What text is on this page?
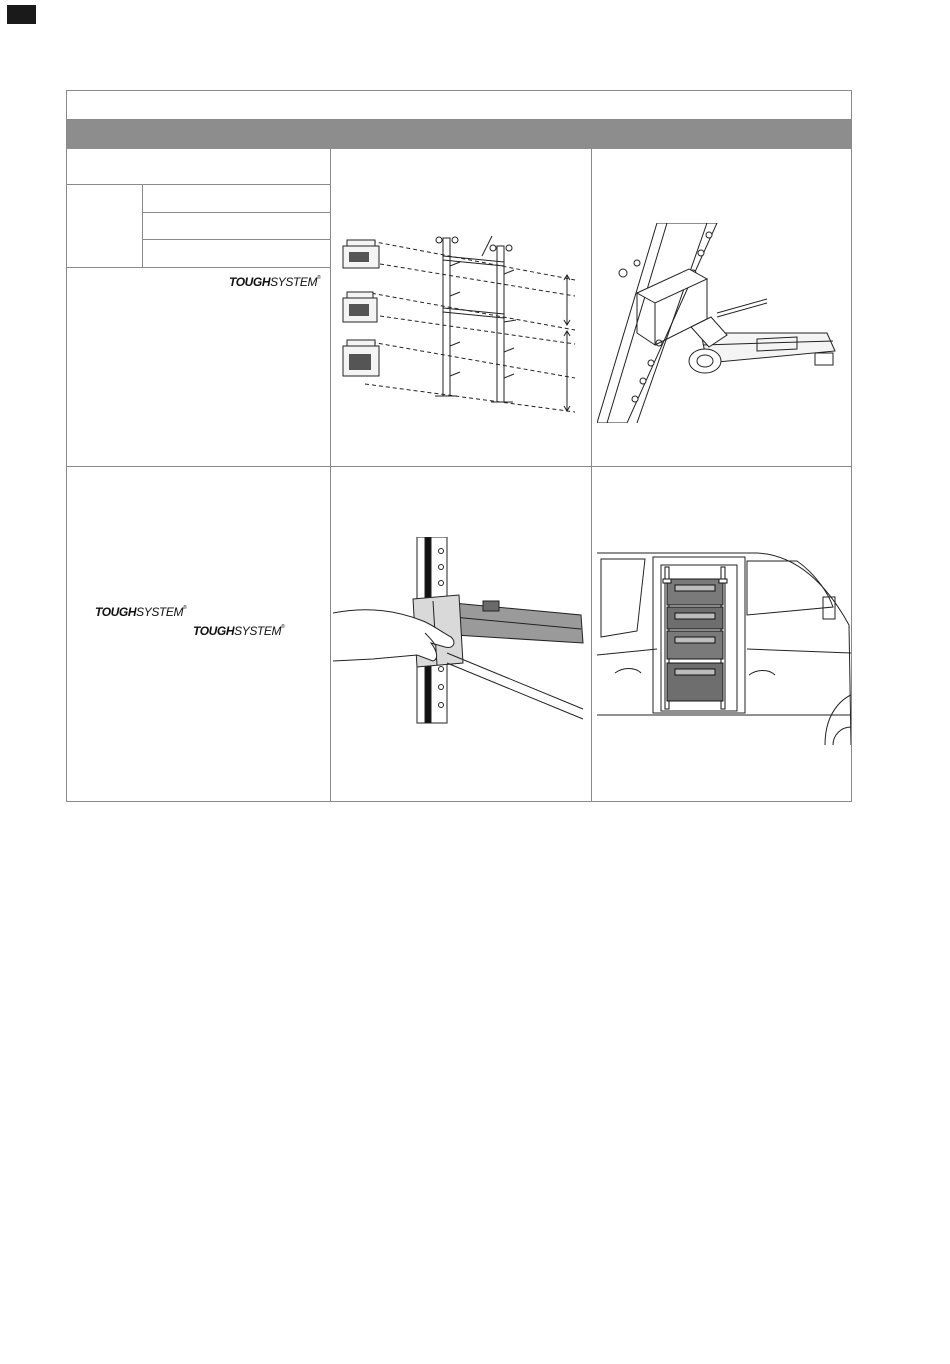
TOUGHSYSTEM®
TOUGHSYSTEM®
TOUGHSYSTEM®
